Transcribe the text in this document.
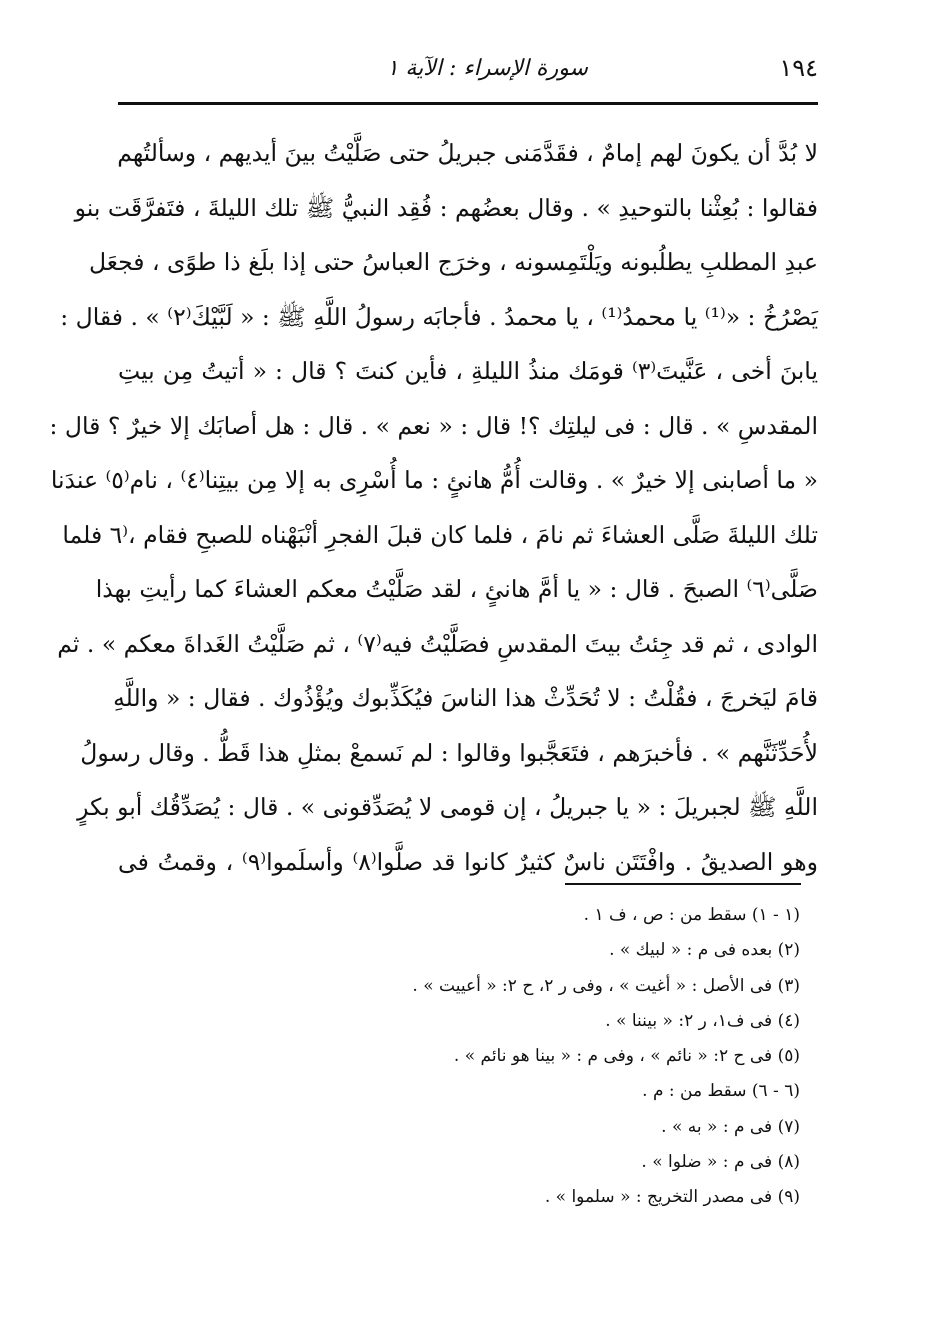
١٩٤
سورة الإسراء : الآية ١
لا بُدَّ أن يكونَ لهم إمامٌ ، فقَدَّمَنى جبريلُ حتى صَلَّيْتُ بينَ أيديهم ، وسألتُهم
فقالوا : بُعِثْنا بالتوحيدِ » . وقال بعضُهم : فُقِد النبيُّ ﷺ تلك الليلةَ ، فتَفرَّقَت بنو
عبدِ المطلبِ يطلُبونه ويَلْتَمِسونه ، وخرَج العباسُ حتى إذا بلَغ ذا طوًى ، فجعَل
يَصْرُخُ : «⁽¹⁾ يا محمدُ⁽¹⁾ ، يا محمدُ . فأجابَه رسولُ اللَّهِ ﷺ : « لَبَّيْكَ⁽٢⁾ » . فقال :
يابنَ أخى ، عَنَّيتَ⁽٣⁾ قومَك منذُ الليلةِ ، فأين كنتَ ؟ قال : « أتيتُ مِن بيتِ
المقدسِ » . قال : فى ليلتِك ؟! قال : « نعم » . قال : هل أصابَك إلا خيرٌ ؟ قال :
« ما أصابنى إلا خيرٌ » . وقالت أُمُّ هانئٍ : ما أُسْرِى به إلا مِن بيتِنا⁽٤⁾ ، نام⁽٥⁾ عندَنا
تلك الليلةَ صَلَّى العشاءَ ثم نامَ ، فلما كان قبلَ الفجرِ أنْبَهْناه للصبحِ فقام ،⁽٦ فلما
صَلَّى⁽٦⁾ الصبحَ . قال : « يا أمَّ هانئٍ ، لقد صَلَّيْتُ معكم العشاءَ كما رأيتِ بهذا
الوادى ، ثم قد جِئتُ بيتَ المقدسِ فصَلَّيْتُ فيه⁽٧⁾ ، ثم صَلَّيْتُ الغَداةَ معكم » . ثم
قامَ ليَخرجَ ، فقُلْتُ : لا تُحَدِّثْ هذا الناسَ فيُكَذِّبوك ويُؤْذُوك . فقال : « واللَّهِ
لأُحَدِّثَنَّهم » . فأخبرَهم ، فتَعَجَّبوا وقالوا : لم نَسمعْ بمثلِ هذا قَطُّ . وقال رسولُ
اللَّهِ ﷺ لجبريلَ : « يا جبريلُ ، إن قومى لا يُصَدِّقونى » . قال : يُصَدِّقُك أبو بكرٍ
وهو الصديقُ . وافْتَتَن ناسٌ كثيرٌ كانوا قد صلَّوا⁽٨⁾ وأسلَموا⁽٩⁾ ، وقمتُ فى
(١ - ١) سقط من : ص ، ف ١ .
(٢) بعده فى م : « لبيك » .
(٣) فى الأصل : « أغيت » ، وفى ر ٢، ح ٢: « أعييت » .
(٤) فى ف١، ر ٢: « بيننا » .
(٥) فى ح ٢: « نائم » ، وفى م : « بينا هو نائم » .
(٦ - ٦) سقط من : م .
(٧) فى م : « به » .
(٨) فى م : « ضلوا » .
(٩) فى مصدر التخريج : « سلموا » .
